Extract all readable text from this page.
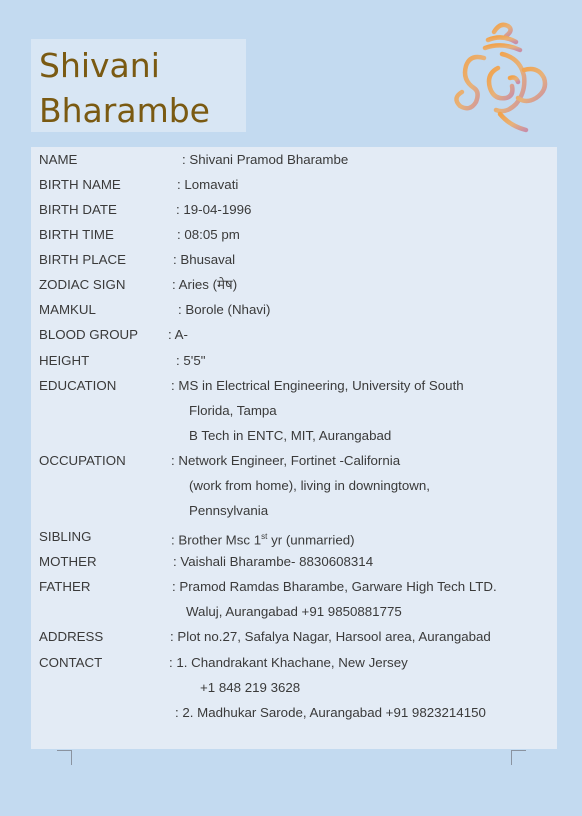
Shivani
Bharambe
NAME	: Shivani Pramod Bharambe
BIRTH NAME	: Lomavati
BIRTH DATE	: 19-04-1996
BIRTH TIME	: 08:05 pm
BIRTH PLACE	: Bhusaval
ZODIAC SIGN	: Aries (मेष)
MAMKUL	: Borole (Nhavi)
BLOOD GROUP : A-
HEIGHT	: 5'5"
EDUCATION	: MS in Electrical Engineering, University of South
Florida, Tampa
B Tech in ENTC, MIT, Aurangabad
OCCUPATION	: Network Engineer, Fortinet -California
(work from home), living in downingtown,
Pennsylvania
SIBLING	: Brother Msc 1st yr (unmarried)
MOTHER	: Vaishali Bharambe- 8830608314
FATHER	: Pramod Ramdas Bharambe, Garware High Tech LTD.
Waluj, Aurangabad +91 9850881775
ADDRESS	: Plot no.27, Safalya Nagar, Harsool area, Aurangabad
CONTACT	: 1. Chandrakant Khachane, New Jersey
+1 848 219 3628
: 2. Madhukar Sarode, Aurangabad +91 9823214150
